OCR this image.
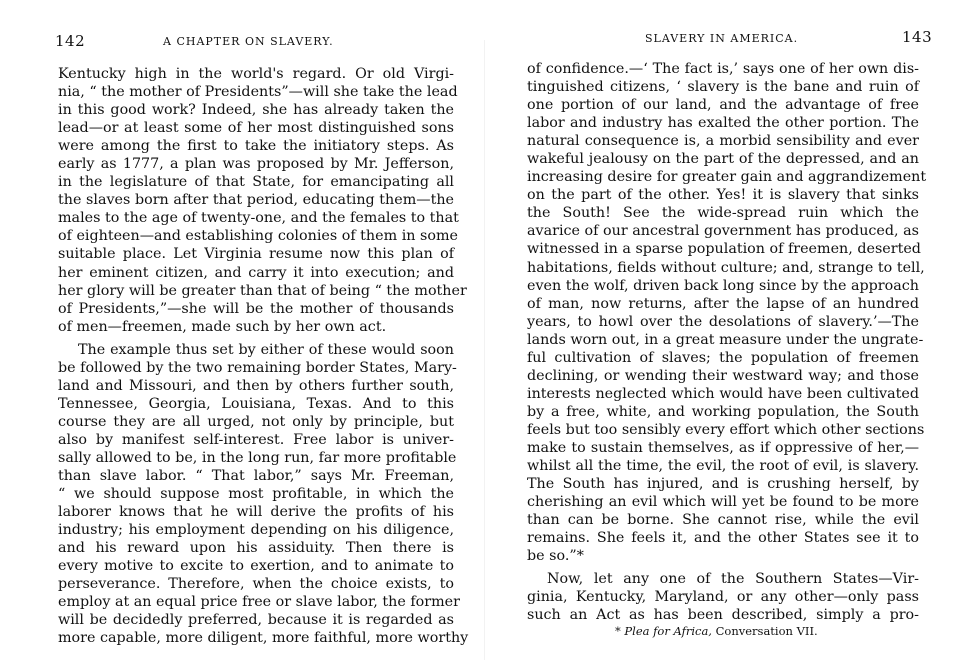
142	A CHAPTER ON SLAVERY.
Kentucky high in the world's regard. Or old Virgi-
nia, “ the mother of Presidents”—will she take the lead
in this good work? Indeed, she has already taken the
lead—or at least some of her most distinguished sons
were among the first to take the initiatory steps. As
early as 1777, a plan was proposed by Mr. Jefferson,
in the legislature of that State, for emancipating all
the slaves born after that period, educating them—the
males to the age of twenty-one, and the females to that
of eighteen—and establishing colonies of them in some
suitable place. Let Virginia resume now this plan of
her eminent citizen, and carry it into execution; and
her glory will be greater than that of being “ the mother
of Presidents,”—she will be the mother of thousands
of men—freemen, made such by her own act.
The example thus set by either of these would soon
be followed by the two remaining border States, Mary-
land and Missouri, and then by others further south,
Tennessee, Georgia, Louisiana, Texas. And to this
course they are all urged, not only by principle, but
also by manifest self-interest. Free labor is univer-
sally allowed to be, in the long run, far more profitable
than slave labor. “ That labor,” says Mr. Freeman,
“ we should suppose most profitable, in which the
laborer knows that he will derive the profits of his
industry; his employment depending on his diligence,
and his reward upon his assiduity. Then there is
every motive to excite to exertion, and to animate to
perseverance. Therefore, when the choice exists, to
employ at an equal price free or slave labor, the former
will be decidedly preferred, because it is regarded as
more capable, more diligent, more faithful, more worthy
SLAVERY IN AMERICA.	143
of confidence.—‘ The fact is,’ says one of her own dis-
tinguished citizens, ‘ slavery is the bane and ruin of
one portion of our land, and the advantage of free
labor and industry has exalted the other portion. The
natural consequence is, a morbid sensibility and ever
wakeful jealousy on the part of the depressed, and an
increasing desire for greater gain and aggrandizement
on the part of the other. Yes! it is slavery that sinks
the South! See the wide-spread ruin which the
avarice of our ancestral government has produced, as
witnessed in a sparse population of freemen, deserted
habitations, fields without culture; and, strange to tell,
even the wolf, driven back long since by the approach
of man, now returns, after the lapse of an hundred
years, to howl over the desolations of slavery.’—The
lands worn out, in a great measure under the ungrate-
ful cultivation of slaves; the population of freemen
declining, or wending their westward way; and those
interests neglected which would have been cultivated
by a free, white, and working population, the South
feels but too sensibly every effort which other sections
make to sustain themselves, as if oppressive of her,—
whilst all the time, the evil, the root of evil, is slavery.
The South has injured, and is crushing herself, by
cherishing an evil which will yet be found to be more
than can be borne. She cannot rise, while the evil
remains. She feels it, and the other States see it to
be so.”*
Now, let any one of the Southern States—Vir-
ginia, Kentucky, Maryland, or any other—only pass
such an Act as has been described, simply a pro-
* Plea for Africa, Conversation VII.
